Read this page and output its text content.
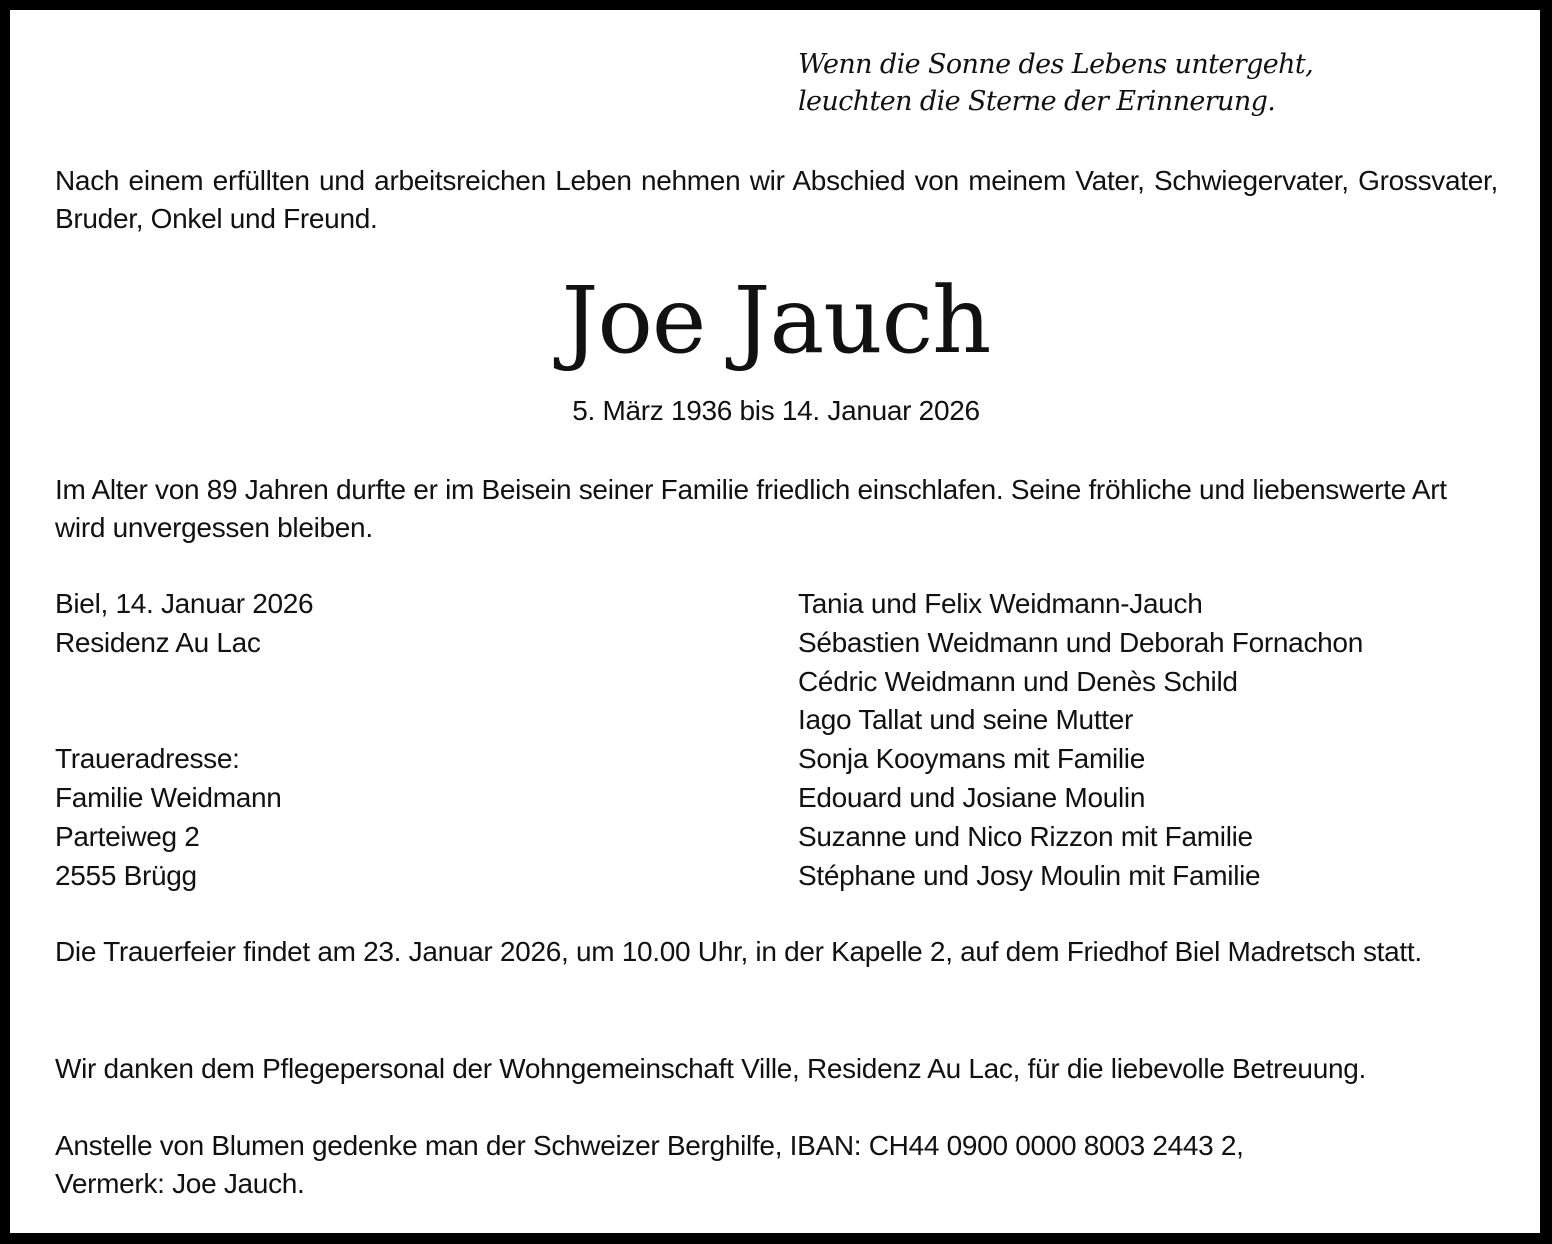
Wenn die Sonne des Lebens untergeht,
leuchten die Sterne der Erinnerung.
Nach einem erfüllten und arbeitsreichen Leben nehmen wir Abschied von meinem Vater, Schwiegervater, Grossvater, Bruder, Onkel und Freund.
Joe Jauch
5. März 1936 bis 14. Januar 2026
Im Alter von 89 Jahren durfte er im Beisein seiner Familie friedlich einschlafen. Seine fröhliche und liebenswerte Art wird unvergessen bleiben.
Biel, 14. Januar 2026
Residenz Au Lac
Traueradresse:
Familie Weidmann
Parteiweg 2
2555 Brügg
Tania und Felix Weidmann-Jauch
Sébastien Weidmann und Deborah Fornachon
Cédric Weidmann und Denès Schild
Iago Tallat und seine Mutter
Sonja Kooymans mit Familie
Edouard und Josiane Moulin
Suzanne und Nico Rizzon mit Familie
Stéphane und Josy Moulin mit Familie
Die Trauerfeier findet am 23. Januar 2026, um 10.00 Uhr, in der Kapelle 2, auf dem Friedhof Biel Madretsch statt.
Wir danken dem Pflegepersonal der Wohngemeinschaft Ville, Residenz Au Lac, für die liebevolle Betreuung.
Anstelle von Blumen gedenke man der Schweizer Berghilfe, IBAN: CH44 0900 0000 8003 2443 2,
Vermerk: Joe Jauch.
